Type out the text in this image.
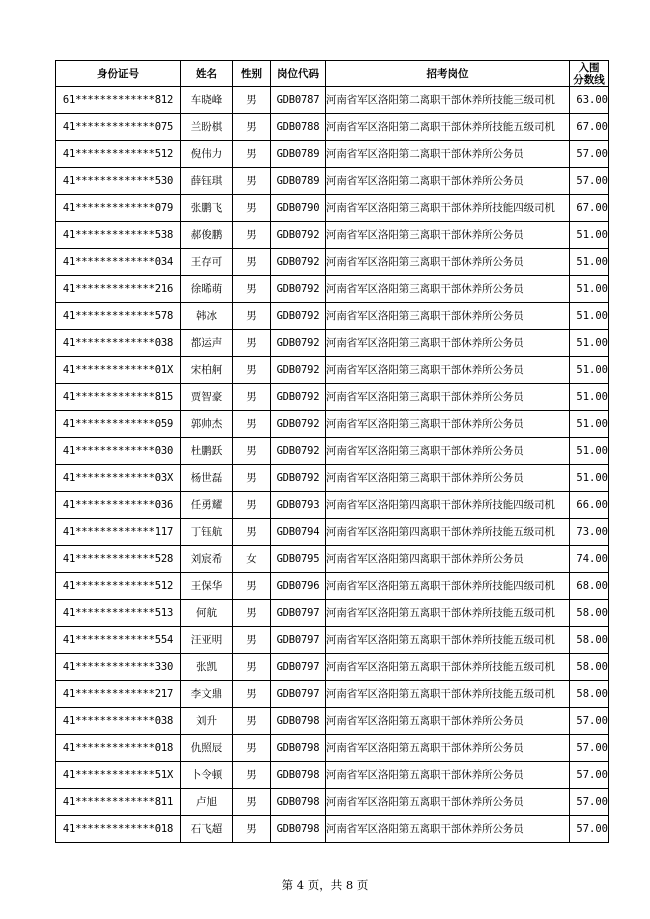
身份证号	姓名	性别	岗位代码	招考岗位	入围
分数线
61*************812	车晓峰	男	GDB0787	河南省军区洛阳第二离职干部休养所技能三级司机	63.00
41*************075	兰盼棋	男	GDB0788	河南省军区洛阳第二离职干部休养所技能五级司机	67.00
41*************512	倪伟力	男	GDB0789	河南省军区洛阳第二离职干部休养所公务员	57.00
41*************530	薛钰琪	男	GDB0789	河南省军区洛阳第二离职干部休养所公务员	57.00
41*************079	张鹏飞	男	GDB0790	河南省军区洛阳第三离职干部休养所技能四级司机	67.00
41*************538	郝俊鹏	男	GDB0792	河南省军区洛阳第三离职干部休养所公务员	51.00
41*************034	王存可	男	GDB0792	河南省军区洛阳第三离职干部休养所公务员	51.00
41*************216	徐晞萌	男	GDB0792	河南省军区洛阳第三离职干部休养所公务员	51.00
41*************578	韩冰	男	GDB0792	河南省军区洛阳第三离职干部休养所公务员	51.00
41*************038	都运声	男	GDB0792	河南省军区洛阳第三离职干部休养所公务员	51.00
41*************01X	宋柏舸	男	GDB0792	河南省军区洛阳第三离职干部休养所公务员	51.00
41*************815	贾智豪	男	GDB0792	河南省军区洛阳第三离职干部休养所公务员	51.00
41*************059	郭帅杰	男	GDB0792	河南省军区洛阳第三离职干部休养所公务员	51.00
41*************030	杜鹏跃	男	GDB0792	河南省军区洛阳第三离职干部休养所公务员	51.00
41*************03X	杨世磊	男	GDB0792	河南省军区洛阳第三离职干部休养所公务员	51.00
41*************036	任勇耀	男	GDB0793	河南省军区洛阳第四离职干部休养所技能四级司机	66.00
41*************117	丁钰航	男	GDB0794	河南省军区洛阳第四离职干部休养所技能五级司机	73.00
41*************528	刘宸希	女	GDB0795	河南省军区洛阳第四离职干部休养所公务员	74.00
41*************512	王保华	男	GDB0796	河南省军区洛阳第五离职干部休养所技能四级司机	68.00
41*************513	何航	男	GDB0797	河南省军区洛阳第五离职干部休养所技能五级司机	58.00
41*************554	汪亚明	男	GDB0797	河南省军区洛阳第五离职干部休养所技能五级司机	58.00
41*************330	张凯	男	GDB0797	河南省军区洛阳第五离职干部休养所技能五级司机	58.00
41*************217	李文鼎	男	GDB0797	河南省军区洛阳第五离职干部休养所技能五级司机	58.00
41*************038	刘升	男	GDB0798	河南省军区洛阳第五离职干部休养所公务员	57.00
41*************018	仇照辰	男	GDB0798	河南省军区洛阳第五离职干部休养所公务员	57.00
41*************51X	卜令顿	男	GDB0798	河南省军区洛阳第五离职干部休养所公务员	57.00
41*************811	卢旭	男	GDB0798	河南省军区洛阳第五离职干部休养所公务员	57.00
41*************018	石飞超	男	GDB0798	河南省军区洛阳第五离职干部休养所公务员	57.00
第 4 页，共 8 页
